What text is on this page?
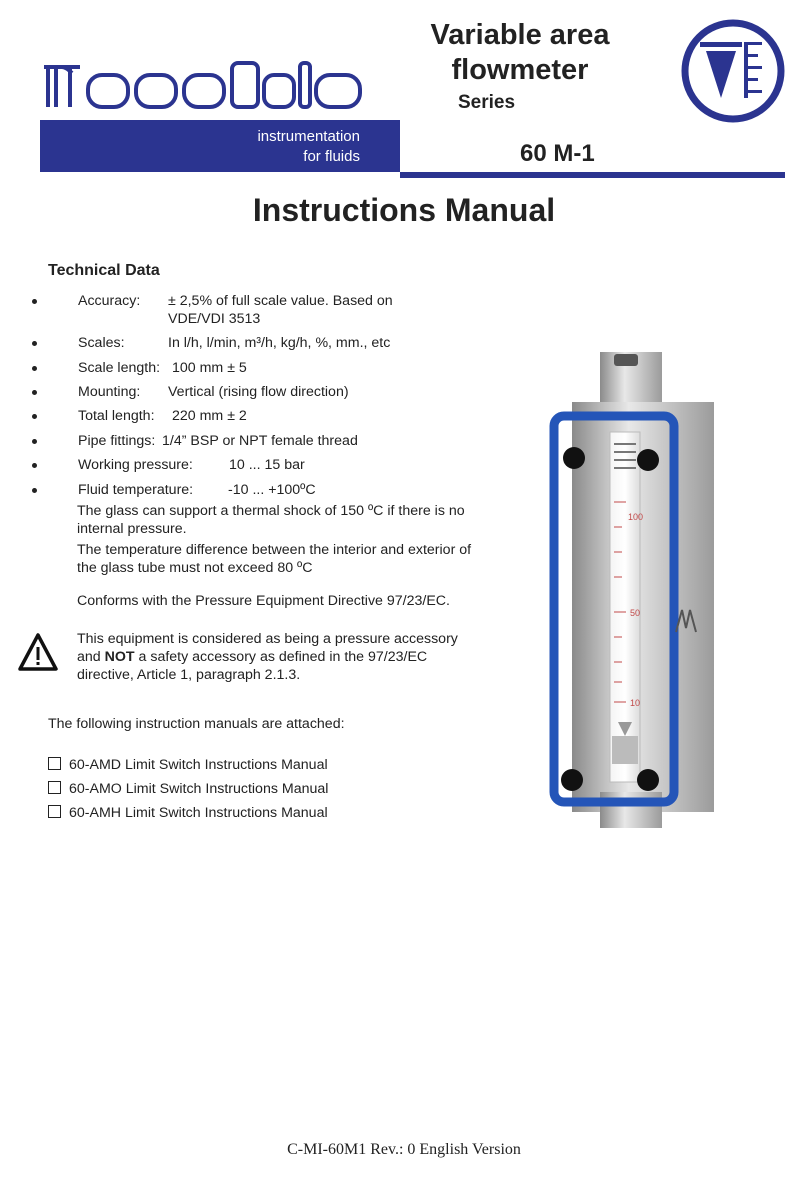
instrumentation
for fluids
Variable area
flowmeter
Series
60 M-1
Instructions Manual
Technical Data
Accuracy: ± 2,5% of full scale value. Based on
VDE/VDI 3513
Scales:	In l/h, l/min, m³/h, kg/h, %, mm., etc
Scale length: 100 mm ± 5
Mounting: Vertical (rising flow direction)
Total length: 220 mm ± 2
Pipe fittings: 1/4” BSP or NPT female thread
Working pressure:	10 ... 15 bar
Fluid temperature: -10 ... +100ºC
The glass can support a thermal shock of 150 ºC if there is no internal pressure.
The temperature difference between the interior and exterior of the glass tube must not exceed 80 ºC
Conforms with the Pressure Equipment Directive 97/23/EC.
This equipment is considered as being a pressure accessory and NOT a safety accessory as defined in the 97/23/EC directive, Article 1, paragraph 2.1.3.
The following instruction manuals are attached:
60-AMD Limit Switch Instructions Manual
60-AMO Limit Switch Instructions Manual
60-AMH Limit Switch Instructions Manual
100
50
10
C-MI-60M1 Rev.: 0 English Version
